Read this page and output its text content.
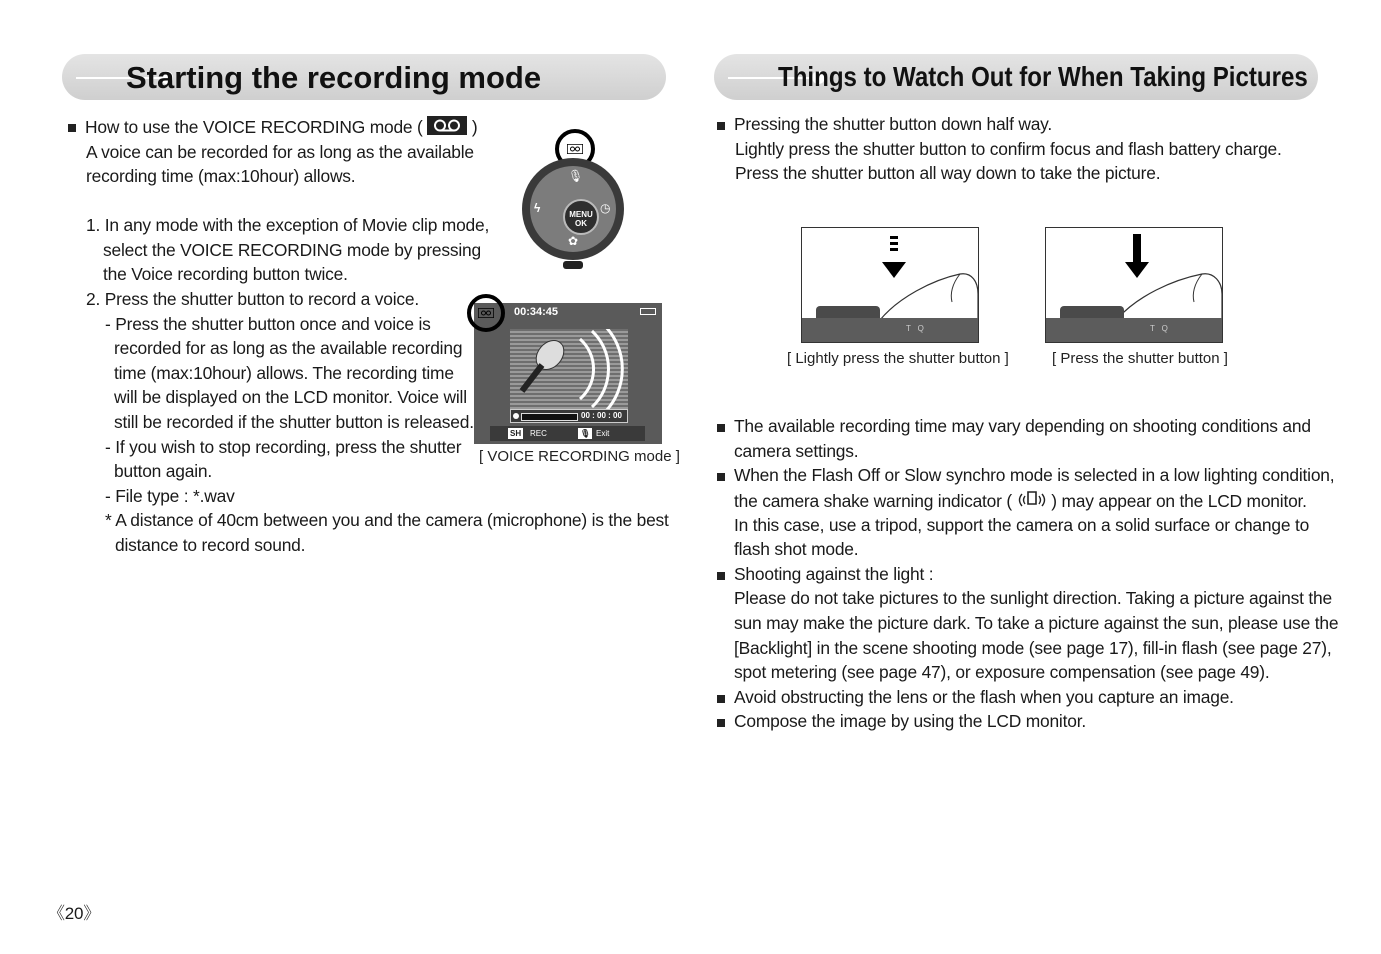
Starting the recording mode
How to use the VOICE RECORDING mode (	)
A voice can be recorded for as long as the available
recording time (max:10hour) allows.
1. In any mode with the exception of Movie clip mode,
select the VOICE RECORDING mode by pressing
the Voice recording button twice.
2. Press the shutter button to record a voice.
- Press the shutter button once and voice is
recorded for as long as the available recording
time (max:10hour) allows. The recording time
will be displayed on the LCD monitor. Voice will
still be recorded if the shutter button is released.
- If you wish to stop recording, press the shutter
button again.
- File type : *.wav
* A distance of 40cm between you and the camera (microphone) is the best
distance to record sound.
🎙
ϟ	◷
✿
MENU
OK
00:34:45
00 : 00 : 00
SH REC	🎙 Exit
[ VOICE RECORDING mode ]
《20》
Things to Watch Out for When Taking Pictures
Pressing the shutter button down half way.
Lightly press the shutter button to confirm focus and flash battery charge.
Press the shutter button all way down to take the picture.
T Q
[ Lightly press the shutter button ]
T Q
[ Press the shutter button ]
The available recording time may vary depending on shooting conditions and
camera settings.
When the Flash Off or Slow synchro mode is selected in a low lighting condition,
the camera shake warning indicator ( ) may appear on the LCD monitor.
In this case, use a tripod, support the camera on a solid surface or change to
flash shot mode.
Shooting against the light :
Please do not take pictures to the sunlight direction. Taking a picture against the
sun may make the picture dark. To take a picture against the sun, please use the
[Backlight] in the scene shooting mode (see page 17), fill-in flash (see page 27),
spot metering (see page 47), or exposure compensation (see page 49).
Avoid obstructing the lens or the flash when you capture an image.
Compose the image by using the LCD monitor.
